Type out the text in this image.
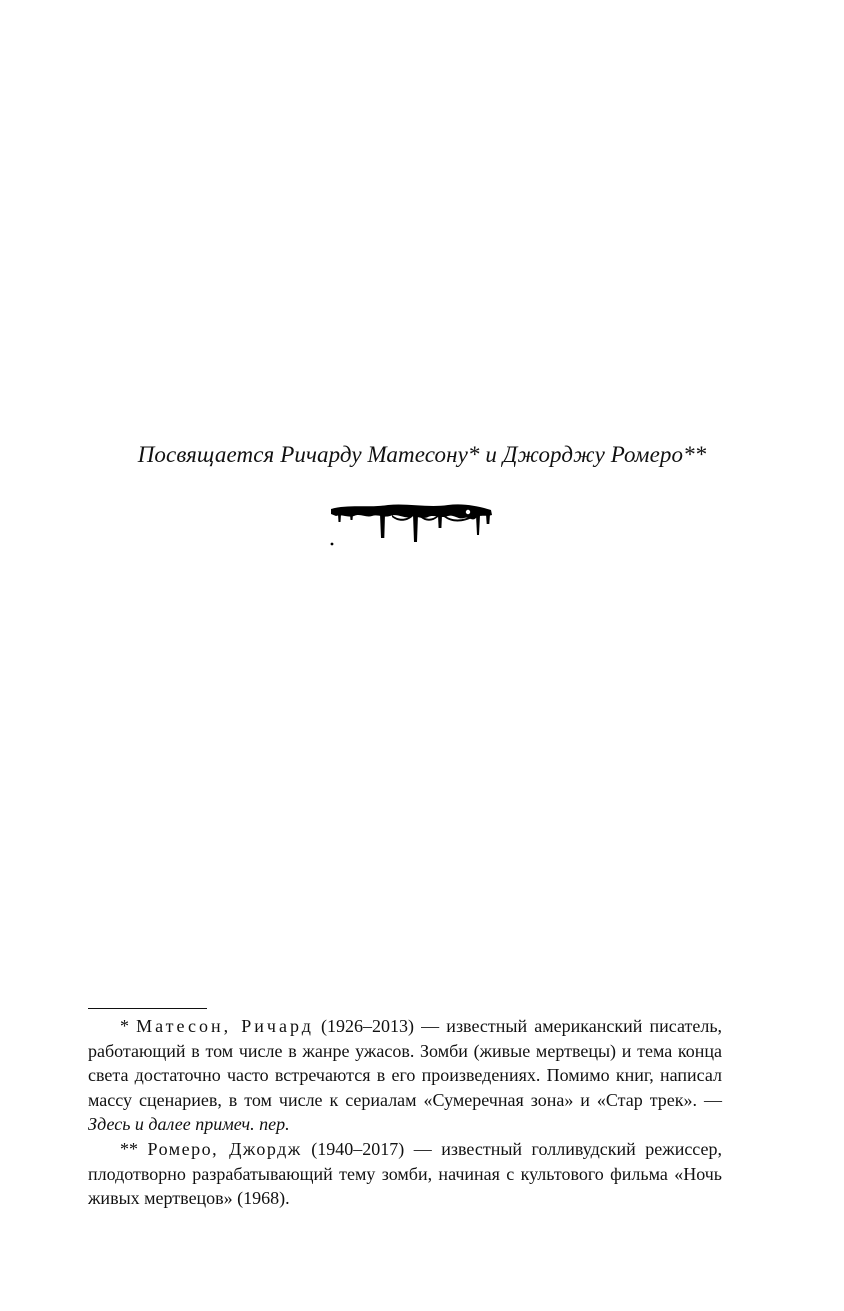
Посвящается Ричарду Матесону* и Джорджу Ромеро**

* Матесон, Ричард (1926–2013) — известный американский писатель, работающий в том числе в жанре ужасов. Зомби (живые мертвецы) и тема конца света достаточно часто встречаются в его произведениях. Помимо книг, написал массу сценариев, в том числе к сериалам «Сумеречная зона» и «Стар трек». — Здесь и далее примеч. пер.

** Ромеро, Джордж (1940–2017) — известный голливудский режиссер, плодотворно разрабатывающий тему зомби, начиная с культового фильма «Ночь живых мертвецов» (1968).
